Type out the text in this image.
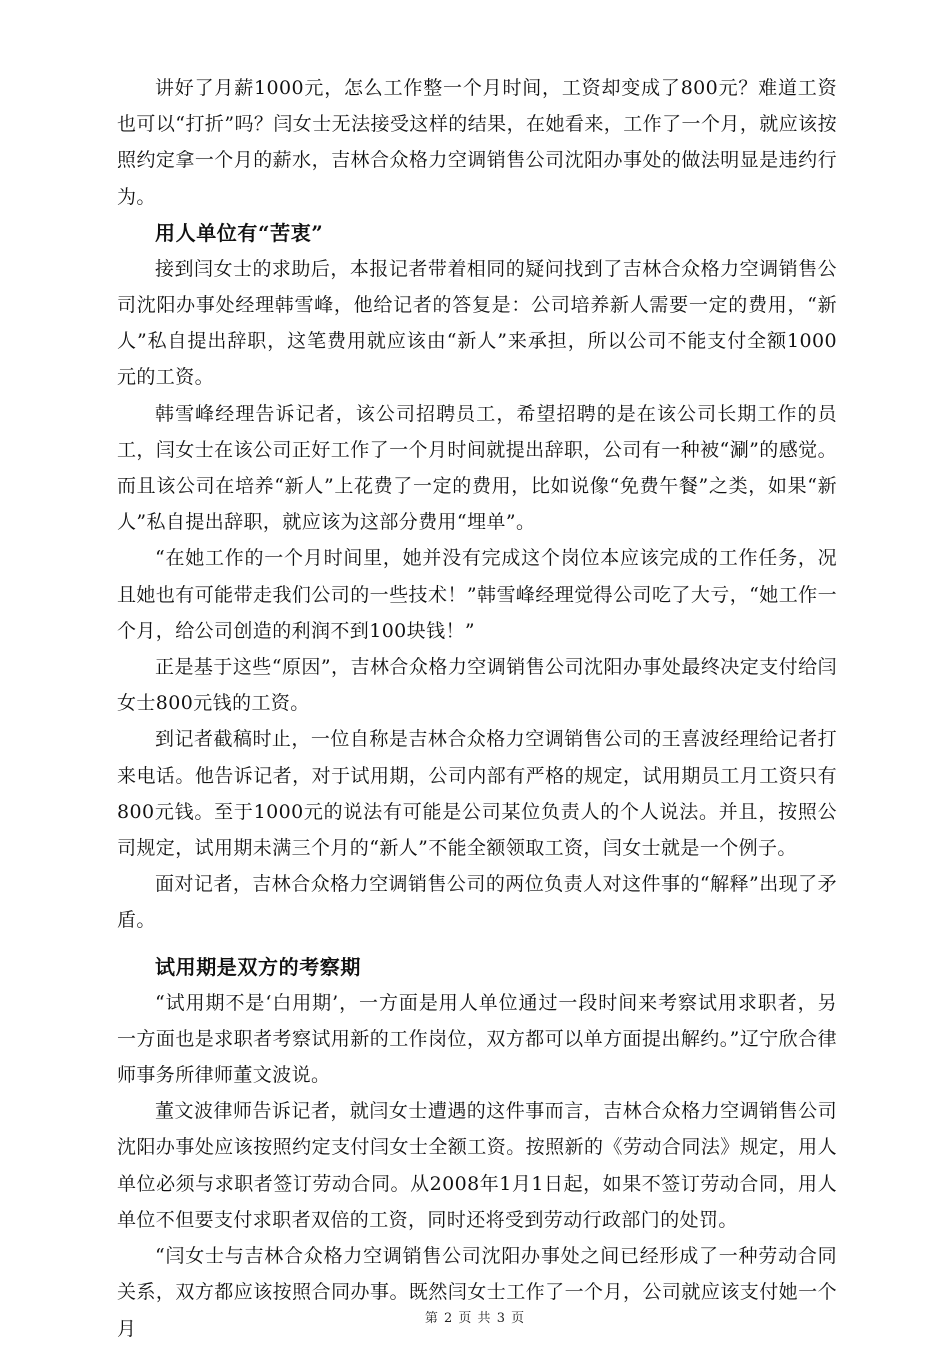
讲好了月薪1000元，怎么工作整一个月时间，工资却变成了800元？难道工资也可以“打折”吗？闫女士无法接受这样的结果，在她看来，工作了一个月，就应该按照约定拿一个月的薪水，吉林合众格力空调销售公司沈阳办事处的做法明显是违约行为。

用人单位有“苦衷”

接到闫女士的求助后，本报记者带着相同的疑问找到了吉林合众格力空调销售公司沈阳办事处经理韩雪峰，他给记者的答复是：公司培养新人需要一定的费用，“新人”私自提出辞职，这笔费用就应该由“新人”来承担，所以公司不能支付全额1000元的工资。

韩雪峰经理告诉记者，该公司招聘员工，希望招聘的是在该公司长期工作的员工，闫女士在该公司正好工作了一个月时间就提出辞职，公司有一种被“涮”的感觉。而且该公司在培养“新人”上花费了一定的费用，比如说像“免费午餐”之类，如果“新人”私自提出辞职，就应该为这部分费用“埋单”。

“在她工作的一个月时间里，她并没有完成这个岗位本应该完成的工作任务，况且她也有可能带走我们公司的一些技术！”韩雪峰经理觉得公司吃了大亏，“她工作一个月，给公司创造的利润不到100块钱！”

正是基于这些“原因”，吉林合众格力空调销售公司沈阳办事处最终决定支付给闫女士800元钱的工资。

到记者截稿时止，一位自称是吉林合众格力空调销售公司的王喜波经理给记者打来电话。他告诉记者，对于试用期，公司内部有严格的规定，试用期员工月工资只有800元钱。至于1000元的说法有可能是公司某位负责人的个人说法。并且，按照公司规定，试用期未满三个月的“新人”不能全额领取工资，闫女士就是一个例子。

面对记者，吉林合众格力空调销售公司的两位负责人对这件事的“解释”出现了矛盾。

试用期是双方的考察期

“试用期不是‘白用期’，一方面是用人单位通过一段时间来考察试用求职者，另一方面也是求职者考察试用新的工作岗位，双方都可以单方面提出解约。”辽宁欣合律师事务所律师董文波说。

董文波律师告诉记者，就闫女士遭遇的这件事而言，吉林合众格力空调销售公司沈阳办事处应该按照约定支付闫女士全额工资。按照新的《劳动合同法》规定，用人单位必须与求职者签订劳动合同。从2008年1月1日起，如果不签订劳动合同，用人单位不但要支付求职者双倍的工资，同时还将受到劳动行政部门的处罚。

“闫女士与吉林合众格力空调销售公司沈阳办事处之间已经形成了一种劳动合同关系，双方都应该按照合同办事。既然闫女士工作了一个月，公司就应该支付她一个月	第 2 页 共 3 页
